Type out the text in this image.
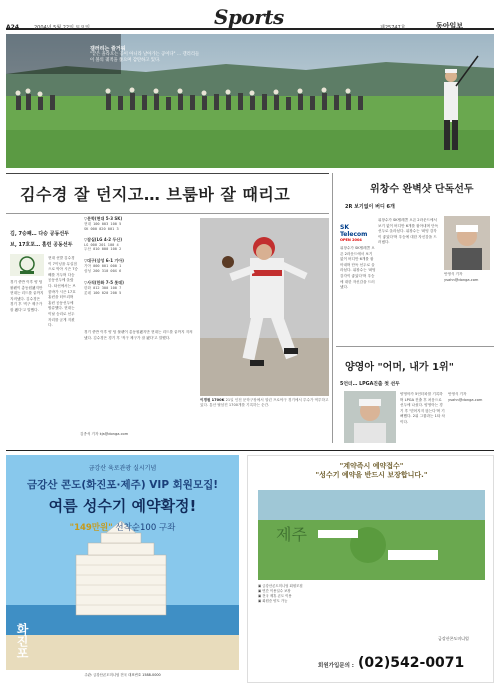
A24	2004년 5월 22일 토요일	Sports	제25747호	동아일보
갤러리는 즐거워
"끝은 올라오는 공이 아니라 날아가는 공이다" … 갤러리들이 볼의 궤적을 쫓으며 감탄하고 있다.
김수경 잘 던지고… 브룸바 잘 때리고
김, 7승째… 다승 공동선두
브, 17호포… 홈런 공동선두
현대 선발 김수경이 7이닝을 무실점으로 막아 시즌 7승째를 거두며 다승 공동선두에 올랐다. 타선에서는 브룸바가 시즌 17호 홈런을 터뜨리며 홈런 공동선두에 합류했다. 현대는 이날 승리로 선두 자리를 굳게 지켰다.
경기 중반 이후 양 팀 불펜이 총동원됐지만 현대는 리드를 끝까지 지켜냈다. 김수경은 경기 후 '직구 제구가 잘 됐다'고 말했다.
김종석 기자 kjs@donga.com
▽문학(현대 5-3 SK)
현대 100 003 100 5
SK 000 020 001 3
▽잠실(LG 4-2 두산)
LG 000 201 100 4
두산 010 000 100 2
▽대구(삼성 6-1 기아)
기아 000 001 000 1
삼성 200 310 00X 6
▽사직(한화 7-5 롯데)
한화 012 300 100 7
롯데 100 020 200 5
경기 중반 이후 양 팀 불펜이 총동원됐지만 현대는 리드를 끝까지 지켜냈다. 김수경은 경기 후 '직구 제구가 잘 됐다'고 말했다.
이경원 1700K 21일 인천 문학구장에서 열린 프로야구 경기에서 투수가 역투하고 있다. 통산 탈삼진 1700개를 기록하는 순간.
위창수 완벽샷 단독선두
2R 보기없이 버디 6개
SK Telecom
OPEN 2004
위창수가 SK텔레콤 오픈 2라운드에서 보기 없이 버디만 6개를 잡아내며 단독 선두로 올라섰다. 위창수는 '퍼팅 감각이 좋았다'며 우승에 대한 자신감을 드러냈다.
위창수가 SK텔레콤 오픈 2라운드에서 보기 없이 버디만 6개를 잡아내며 단독 선두로 올라섰다. 위창수는 '퍼팅 감각이 좋았다'며 우승에 대한 자신감을 드러냈다.
안영식 기자 ysahn@donga.com
양영아 "어머, 내가 1위"
5언더… LPGA진출 첫 선두
양영아가 5언더파를 기록하며 LPGA 진출 후 처음으로 선두에 나섰다. 양영아는 경기 후 '믿어지지 않는다'며 기뻐했다. 2위 그룹과는 1타 차이다.
안영식 기자 ysahn@donga.com
금강산 육로관광 실시기념
금강산 콘도(화진포·제주) VIP 회원모집!
여름 성수기 예약확정!
"149만원" 선착순100 구좌
화진포
주관: 금강산콘도미니엄 전국 대표번호 1588-0000
"계약즉시 예약접수"
"성수기 예약을 반드시 보장합니다."
제주
▣ 금강산콘도미니엄 회원모집
▣ 연간 이용일수 보장
▣ 전국 제휴 콘도 이용
▣ 회원증 양도 가능
회원가입문의 : (02)542-0071
금강산콘도미니엄
